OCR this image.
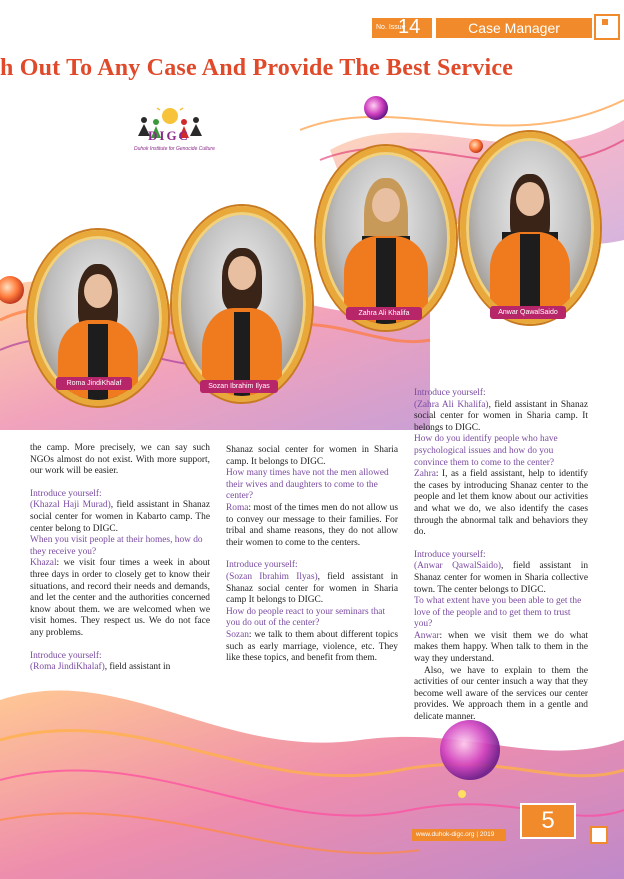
No. Issue
14	Case Manager
h Out To Any Case And Provide The Best Service
DIGC
Duhok Institute for Genocide Culture
Roma JindiKhalaf	Sozan Ibrahim Ilyas
Zahra Ali Khalifa	Anwar QawalSaido

the camp. More precisely, we can say such NGOs almost do not exist. With more support, our work will be easier.

Introduce yourself:

(Khazal Haji Murad), field assistant in Shanaz social center for women in Kabarto camp. The center belong to DIGC.

When you visit people at their homes, how do they receive you?

Khazal: we visit four times a week in about three days in order to closely get to know their situations, and record their needs and demands, and let the center and the authorities concerned know about them. we are welcomed when we visit homes. They respect us. We do not face any problems.

Introduce yourself:

(Roma JindiKhalaf), field assistant in

Shanaz social center for women in Sharia camp. It belongs to DIGC.

How many times have not the men allowed their wives and daughters to come to the center?

Roma: most of the times men do not allow us to convey our message to their families. For tribal and shame reasons, they do not allow their women to come to the centers.

Introduce yourself:

(Sozan Ibrahim Ilyas), field assistant in Shanaz social center for women in Sharia camp It belongs to DIGC.

How do people react to your seminars that you do out of the center?

Sozan: we talk to them about different topics such as early marriage, violence, etc. They like these topics, and benefit from them.

Introduce yourself:

(Zahra Ali Khalifa), field assistant in Shanaz social center for women in Sharia camp. It belongs to DIGC.

How do you identify people who have psychological issues and how do you convince them to come to the center?

Zahra: I, as a field assistant, help to identify the cases by introducing Shanaz center to the people and let them know about our activities and what we do, we also identify the cases through the abnormal talk and behaviors they do.

Introduce yourself:

(Anwar QawalSaido), field assistant in Shanaz center for women in Sharia collective town. The center belongs to DIGC.

To what extent have you been able to get the love of the people and to get them to trust you?

Anwar: when we visit them we do what makes them happy. When talk to them in the way they understand.

Also, we have to explain to them the activities of our center insuch a way that they become well aware of the services our center provides. We approach them in a gentle and delicate manner.

5
www.duhok-digc.org | 2019
